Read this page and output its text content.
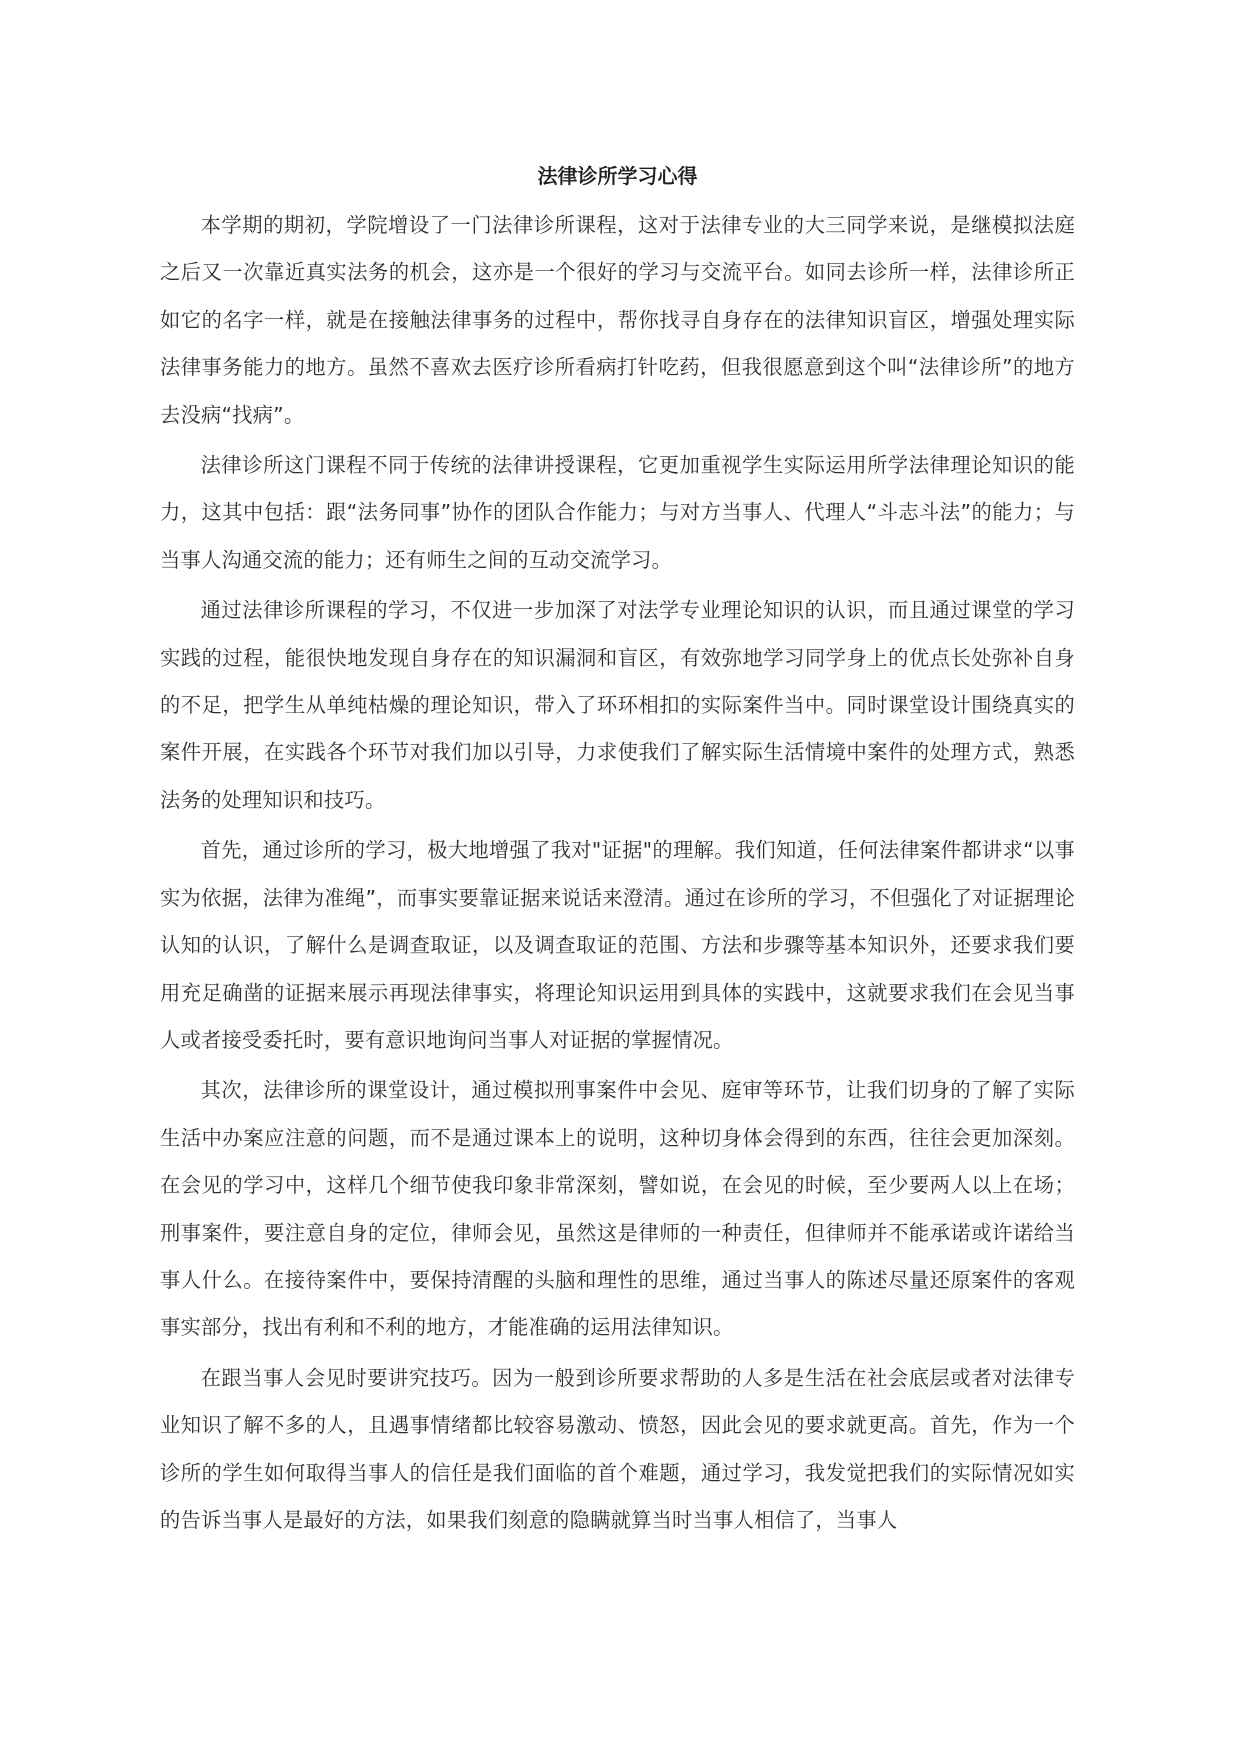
法律诊所学习心得

本学期的期初，学院增设了一门法律诊所课程，这对于法律专业的大三同学来说，是继模拟法庭之后又一次靠近真实法务的机会，这亦是一个很好的学习与交流平台。如同去诊所一样，法律诊所正如它的名字一样，就是在接触法律事务的过程中，帮你找寻自身存在的法律知识盲区，增强处理实际法律事务能力的地方。虽然不喜欢去医疗诊所看病打针吃药，但我很愿意到这个叫“法律诊所”的地方去没病“找病”。

法律诊所这门课程不同于传统的法律讲授课程，它更加重视学生实际运用所学法律理论知识的能力，这其中包括：跟“法务同事”协作的团队合作能力；与对方当事人、代理人“斗志斗法”的能力；与当事人沟通交流的能力；还有师生之间的互动交流学习。

通过法律诊所课程的学习，不仅进一步加深了对法学专业理论知识的认识，而且通过课堂的学习实践的过程，能很快地发现自身存在的知识漏洞和盲区，有效弥地学习同学身上的优点长处弥补自身的不足，把学生从单纯枯燥的理论知识，带入了环环相扣的实际案件当中。同时课堂设计围绕真实的案件开展，在实践各个环节对我们加以引导，力求使我们了解实际生活情境中案件的处理方式，熟悉法务的处理知识和技巧。

首先，通过诊所的学习，极大地增强了我对"证据"的理解。我们知道，任何法律案件都讲求“以事实为依据，法律为准绳”，而事实要靠证据来说话来澄清。通过在诊所的学习，不但强化了对证据理论认知的认识，了解什么是调查取证，以及调查取证的范围、方法和步骤等基本知识外，还要求我们要用充足确凿的证据来展示再现法律事实，将理论知识运用到具体的实践中，这就要求我们在会见当事人或者接受委托时，要有意识地询问当事人对证据的掌握情况。

其次，法律诊所的课堂设计，通过模拟刑事案件中会见、庭审等环节，让我们切身的了解了实际生活中办案应注意的问题，而不是通过课本上的说明，这种切身体会得到的东西，往往会更加深刻。在会见的学习中，这样几个细节使我印象非常深刻，譬如说，在会见的时候，至少要两人以上在场；刑事案件，要注意自身的定位，律师会见，虽然这是律师的一种责任，但律师并不能承诺或许诺给当事人什么。在接待案件中，要保持清醒的头脑和理性的思维，通过当事人的陈述尽量还原案件的客观事实部分，找出有利和不利的地方，才能准确的运用法律知识。

在跟当事人会见时要讲究技巧。因为一般到诊所要求帮助的人多是生活在社会底层或者对法律专业知识了解不多的人，且遇事情绪都比较容易激动、愤怒，因此会见的要求就更高。首先，作为一个诊所的学生如何取得当事人的信任是我们面临的首个难题，通过学习，我发觉把我们的实际情况如实的告诉当事人是最好的方法，如果我们刻意的隐瞒就算当时当事人相信了，当事人
